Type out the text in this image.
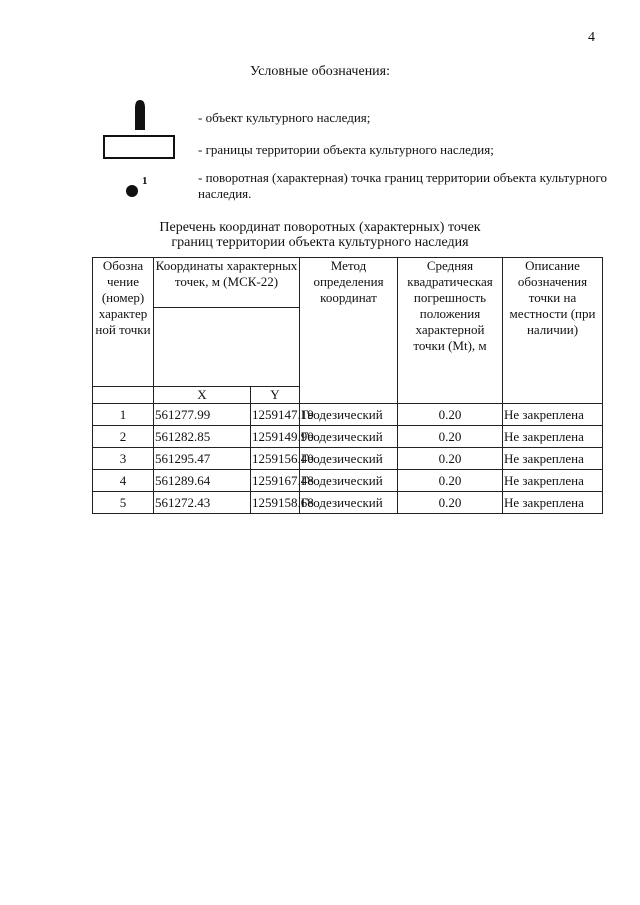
4
Условные обозначения:
- объект культурного наследия;
- границы территории объекта культурного наследия;
1	- поворотная (характерная) точка границ территории объекта культурного наследия.
Перечень координат поворотных (характерных) точек
границ территории объекта культурного наследия
Обозна чение (номер) характер ной точки	Координаты характерных точек, м (МСК-22)		Метод определения координат	Средняя квадратическая погрешность положения характерной точки (Mt), м	Описание обозначения точки на местности (при наличии)

	X	Y			
1	561277.99	1259147.19	Геодезический	0.20	Не закреплена
2	561282.85	1259149.90	Геодезический	0.20	Не закреплена
3	561295.47	1259156.40	Геодезический	0.20	Не закреплена
4	561289.64	1259167.48	Геодезический	0.20	Не закреплена
5	561272.43	1259158.68	Геодезический	0.20	Не закреплена
